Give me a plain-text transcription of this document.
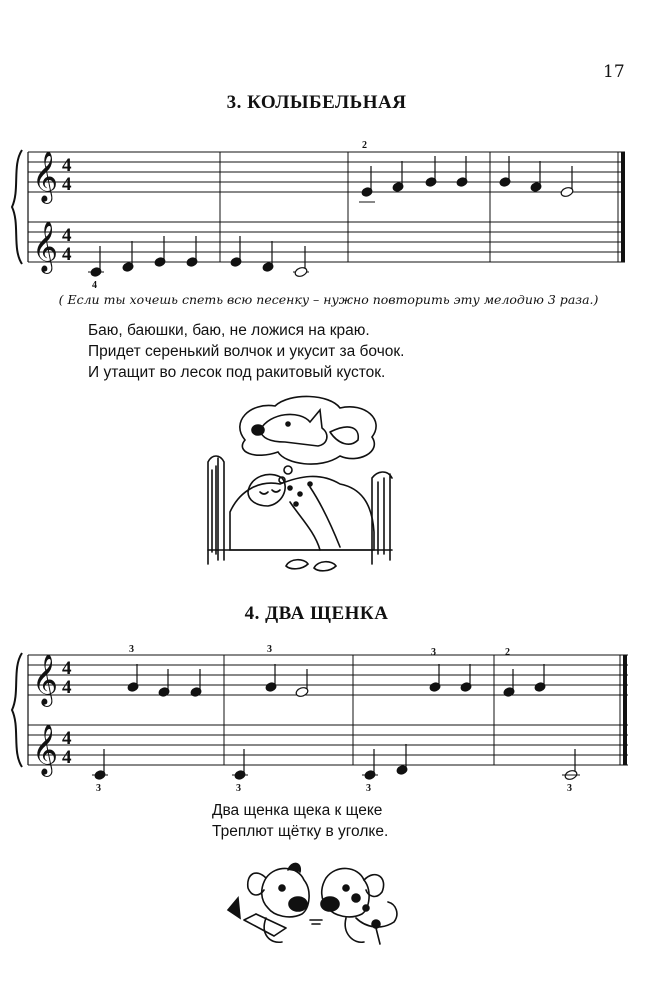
17
3. КОЛЫБЕЛЬНАЯ
𝄞
𝄞
4
4
4
4
2
4
( Если ты хочешь спеть всю песенку – нужно повторить эту мелодию 3 раза.)
Баю, баюшки, баю, не ложися на краю.
Придет серенький волчок и укусит за бочок.
И утащит во лесок под ракитовый кусток.
4. ДВА ЩЕНКА
𝄞
𝄞
4
4
4
4
3	3	3	2
3	3	3	3
Два щенка щека к щеке
Треплют щётку в уголке.
